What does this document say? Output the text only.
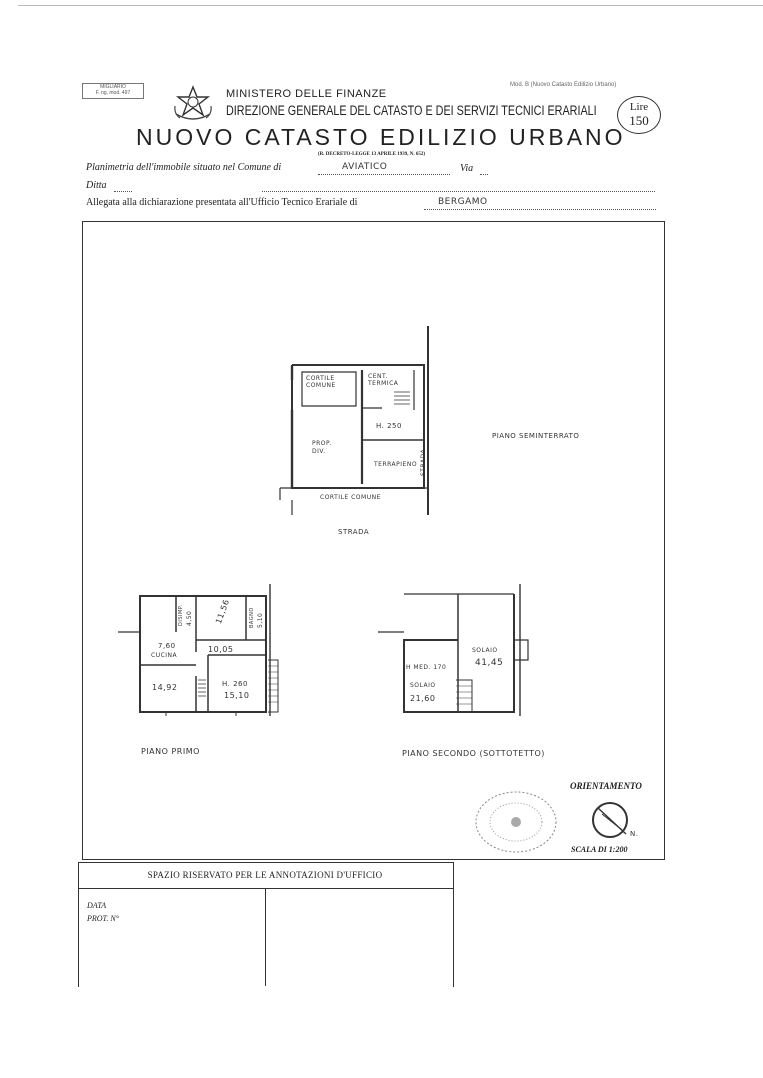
MIGLIARIO
F. ng. mod. 497
Mod. B (Nuovo Catasto Edilizio Urbano)
MINISTERO DELLE FINANZE
DIREZIONE GENERALE DEL CATASTO E DEI SERVIZI TECNICI ERARIALI	Lire
150
NUOVO CATASTO EDILIZIO URBANO
(R. DECRETO-LEGGE 13 APRILE 1939, N. 652)
Planimetria dell'immobile situato nel Comune di	AVIATICO	Via
Ditta
Allegata alla dichiarazione presentata all'Ufficio Tecnico Erariale di	BERGAMO
CORTILE COMUNE
CENT. TERMICA
H. 250
PROP. DIV.
TERRAPIENO
CORTILE COMUNE
STRADA
STRADA
PIANO SEMINTERRATO
DISIMP. 4,50	11,56	BAGNO 5,10
7,60
CUCINA
10,05
14,92	H. 260
15,10
PIANO PRIMO
SOLAIO
41,45
H MED. 170
SOLAIO
21,60
PIANO SECONDO (SOTTOTETTO)
ORIENTAMENTO
N.
SCALA DI 1:200
SPAZIO RISERVATO PER LE ANNOTAZIONI D'UFFICIO
DATA
PROT. N°
